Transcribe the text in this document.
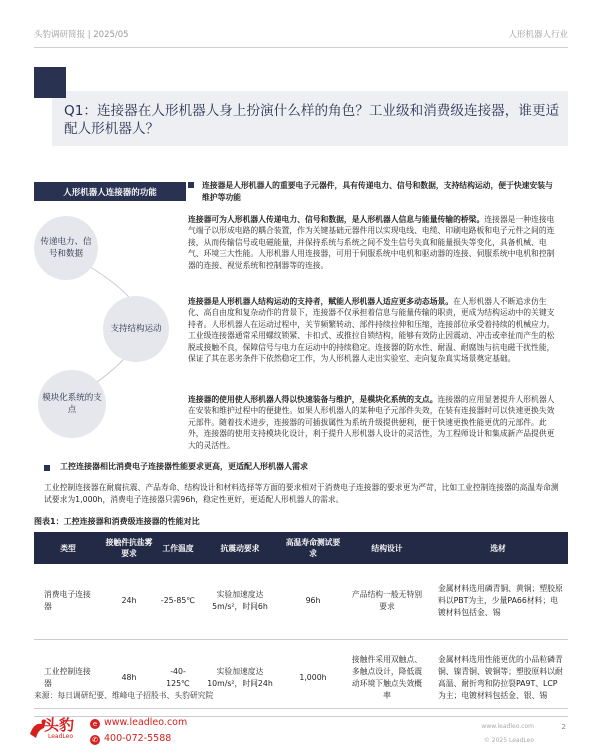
头豹调研简报 | 2025/05	人形机器人行业
Q1：连接器在人形机器人身上扮演什么样的角色？工业级和消费级连接器，谁更适配人形机器人？
人形机器人连接器的功能
传递电力、信号和数据
支持结构运动
模块化系统的支点
连接器是人形机器人的重要电子元器件，具有传递电力、信号和数据，支持结构运动，便于快速安装与维护等功能
连接器可为人形机器人传递电力、信号和数据，是人形机器人信息与能量传输的桥梁。连接器是一种连接电气端子以形成电路的耦合装置，作为关键基础元器件用以实现电线、电缆、印刷电路板和电子元件之间的连接，从而传输信号或电磁能量，并保持系统与系统之间不发生信号失真和能量损失等变化，具备机械、电气、环境三大性能。人形机器人用连接器，可用于伺服系统中电机和驱动器的连接、伺服系统中电机和控制器的连接、视觉系统和控制器等的连接。
连接器是人形机器人结构运动的支持者，赋能人形机器人适应更多动态场景。在人形机器人不断追求仿生化、高自由度和复杂动作的背景下，连接器不仅承担着信息与能量传输的职责，更成为结构运动中的关键支持者。人形机器人在运动过程中，关节频繁转动、部件持续拉伸和压缩，连接部位承受着持续的机械应力。工业级连接器通常采用螺纹锁紧、卡扣式、或推拉自锁结构，能够有效防止因震动、冲击或牵扯而产生的松脱或接触不良，保障信号与电力在运动中的持续稳定。连接器的防水性、耐温、耐腐蚀与抗电磁干扰性能，保证了其在恶劣条件下依然稳定工作，为人形机器人走出实验室、走向复杂真实场景奠定基础。
连接器的使用使人形机器人得以快速装备与维护，是模块化系统的支点。连接器的应用显著提升人形机器人在安装和维护过程中的便捷性。如果人形机器人的某种电子元部件失效，在装有连接器时可以快速更换失效元部件。随着技术进步，连接器的可插拔属性为系统升级提供便利，便于快速更换性能更优的元部件。此外，连接器的使用支持模块化设计，利于提升人形机器人设计的灵活性，为工程师设计和集成新产品提供更大的灵活性。
工控连接器相比消费电子连接器性能要求更高，更适配人形机器人需求
工业控制连接器在耐腐抗震、产品寿命、结构设计和材料选择等方面的要求相对于消费电子连接器的要求更为严苛，比如工业控制连接器的高温寿命测试要求为1,000h，消费电子连接器只需96h，稳定性更好，更适配人形机器人的需求。
图表1：工控连接器和消费级连接器的性能对比
类型	接触件抗盐雾要求	工作温度	抗震动要求	高温寿命测试要求	结构设计	选材
消费电子连接器	24h	-25-85℃	实验加速度达5m/s²，时间6h	96h	产品结构一般无特别要求	金属材料选用磷青铜、黄铜；塑胶原料以PBT为主，少量PA66材料；电镀材料包括金、锡
工业控制连接器	48h	-40-125℃	实验加速度达10m/s²，时间24h	1,000h	接触件采用双触点、多触点设计，降低震动环境下触点失效概率	金属材料选用性能更优的小品粒磷青铜、镍青铜、铍铜等；塑胶原料以耐高温、耐折弯和防拉裂PA9T、LCP为主；电镀材料包括金、银、锡
来源：每日调研纪要、维峰电子招股书、头豹研究院
头豹
LeadLeo
e www.leadleo.com
✆ 400-072-5588
www.leadleo.com
© 2025 LeadLeo
2
